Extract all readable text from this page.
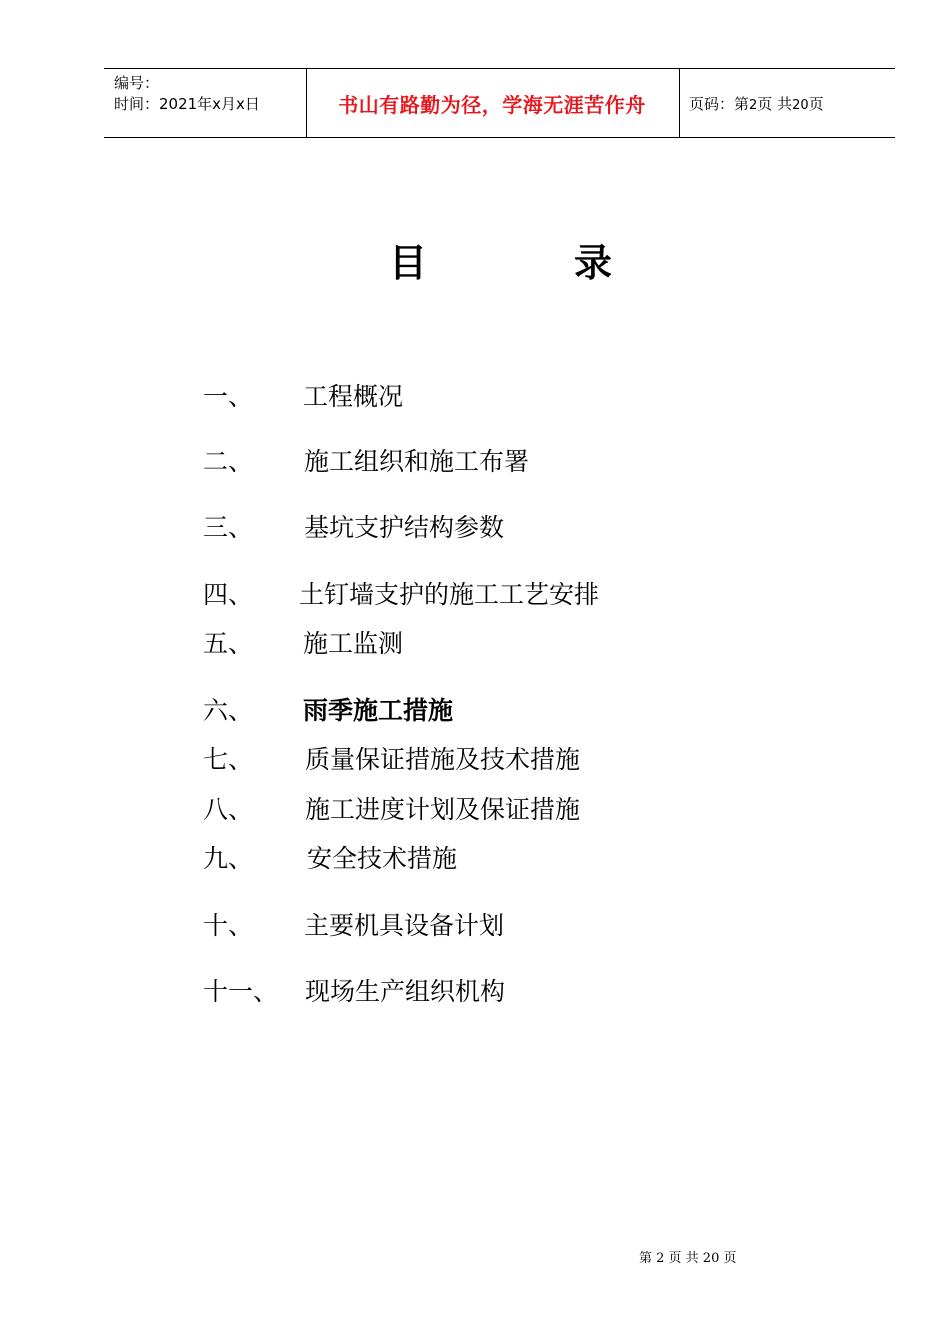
编号：
时间：2021年x月x日	书山有路勤为径，学海无涯苦作舟	页码：第2页 共20页
目	录
一、 工程概况
二、 施工组织和施工布署
三、 基坑支护结构参数
四、 土钉墙支护的施工工艺安排
五、 施工监测
六、 雨季施工措施
七、 质量保证措施及技术措施
八、 施工进度计划及保证措施
九、 安全技术措施
十、 主要机具设备计划
十一、 现场生产组织机构
第 2 页 共 20 页
